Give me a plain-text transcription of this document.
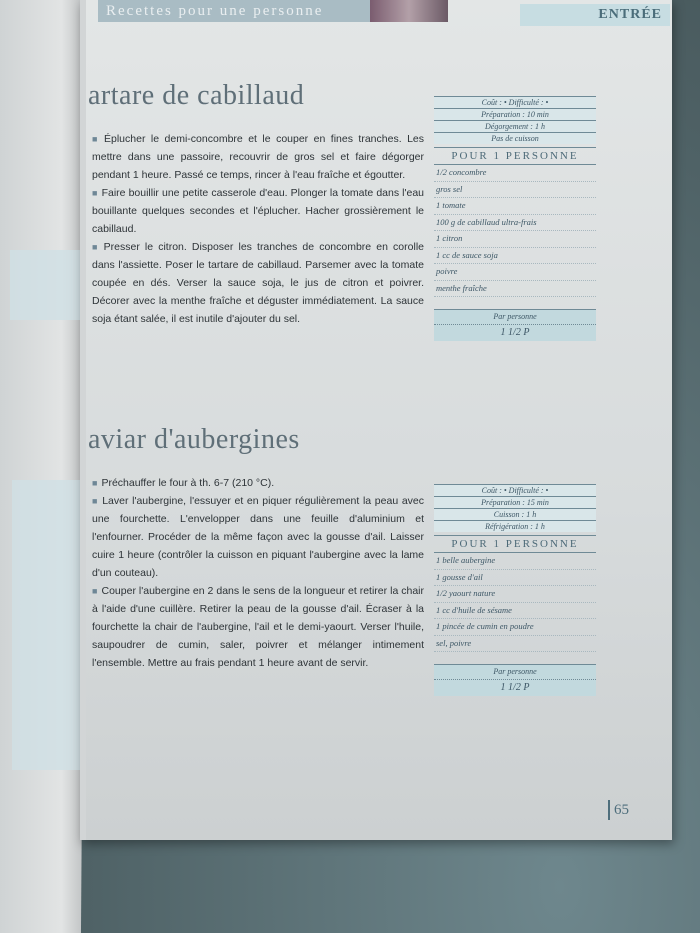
Recettes pour une personne	ENTRÉE
artare de cabillaud

■ Éplucher le demi-concombre et le couper en fines tranches. Les mettre dans une passoire, recouvrir de gros sel et faire dégorger pendant 1 heure. Passé ce temps, rincer à l'eau fraîche et égoutter.

■ Faire bouillir une petite casserole d'eau. Plonger la tomate dans l'eau bouillante quelques secondes et l'éplucher. Hacher grossièrement le cabillaud.

■ Presser le citron. Disposer les tranches de concombre en corolle dans l'assiette. Poser le tartare de cabillaud. Parsemer avec la tomate coupée en dés. Verser la sauce soja, le jus de citron et poivrer. Décorer avec la menthe fraîche et déguster immédiatement. La sauce soja étant salée, il est inutile d'ajouter du sel.

Coût : • Difficulté : •
Préparation : 10 min
Dégorgement : 1 h
Pas de cuisson
POUR 1 PERSONNE
1/2 concombre
gros sel
1 tomate
100 g de cabillaud ultra-frais
1 citron
1 cc de sauce soja
poivre
menthe fraîche
Par personne
1 1/2 P
aviar d'aubergines

■ Préchauffer le four à th. 6-7 (210 °C).

■ Laver l'aubergine, l'essuyer et en piquer régulièrement la peau avec une fourchette. L'envelopper dans une feuille d'aluminium et l'enfourner. Procéder de la même façon avec la gousse d'ail. Laisser cuire 1 heure (contrôler la cuisson en piquant l'aubergine avec la lame d'un couteau).

■ Couper l'aubergine en 2 dans le sens de la longueur et retirer la chair à l'aide d'une cuillère. Retirer la peau de la gousse d'ail. Écraser à la fourchette la chair de l'aubergine, l'ail et le demi-yaourt. Verser l'huile, saupoudrer de cumin, saler, poivrer et mélanger intimement l'ensemble. Mettre au frais pendant 1 heure avant de servir.

Coût : • Difficulté : •
Préparation : 15 min
Cuisson : 1 h
Réfrigération : 1 h
POUR 1 PERSONNE
1 belle aubergine
1 gousse d'ail
1/2 yaourt nature
1 cc d'huile de sésame
1 pincée de cumin en poudre
sel, poivre
Par personne
1 1/2 P
65
